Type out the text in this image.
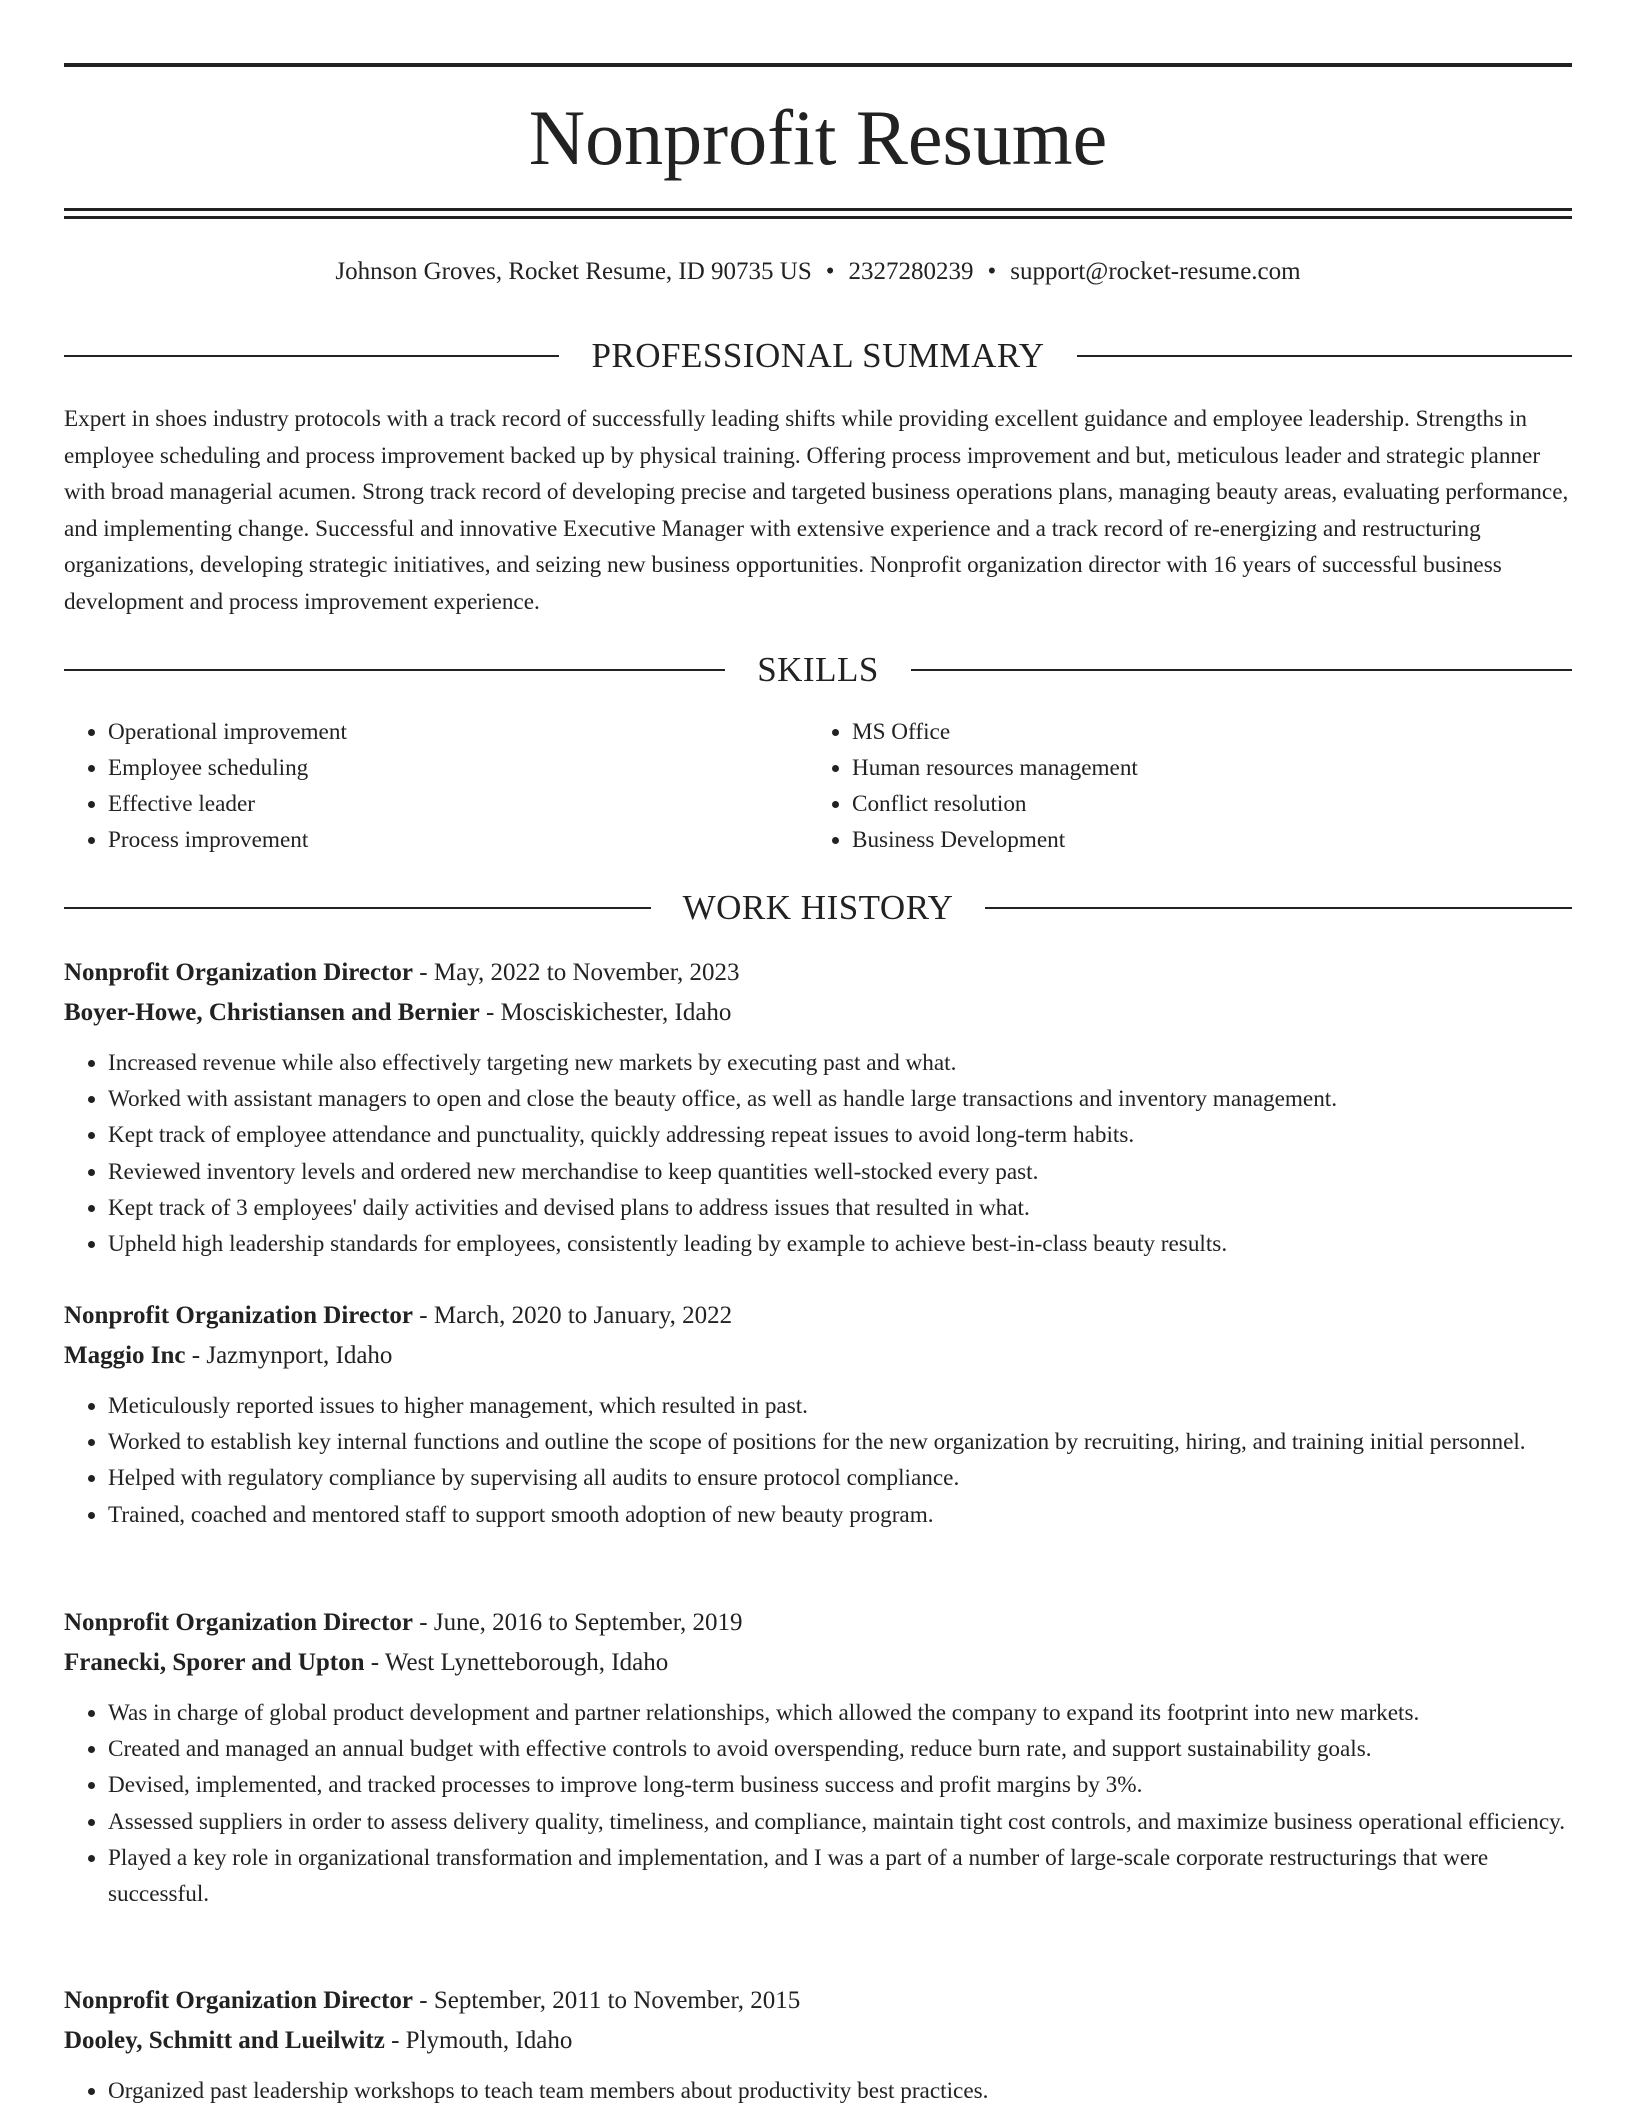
Nonprofit Resume
Johnson Groves, Rocket Resume, ID 90735 US • 2327280239 • support@rocket-resume.com
PROFESSIONAL SUMMARY

Expert in shoes industry protocols with a track record of successfully leading shifts while providing excellent guidance and employee leadership. Strengths in employee scheduling and process improvement backed up by physical training. Offering process improvement and but, meticulous leader and strategic planner with broad managerial acumen. Strong track record of developing precise and targeted business operations plans, managing beauty areas, evaluating performance, and implementing change. Successful and innovative Executive Manager with extensive experience and a track record of re-energizing and restructuring organizations, developing strategic initiatives, and seizing new business opportunities. Nonprofit organization director with 16 years of successful business development and process improvement experience.

SKILLS
• Operational improvement
• Employee scheduling
• Effective leader
• Process improvement
• MS Office
• Human resources management
• Conflict resolution
• Business Development
WORK HISTORY
Nonprofit Organization Director - May, 2022 to November, 2023
Boyer-Howe, Christiansen and Bernier - Mosciskichester, Idaho
• Increased revenue while also effectively targeting new markets by executing past and what.
• Worked with assistant managers to open and close the beauty office, as well as handle large transactions and inventory management.
• Kept track of employee attendance and punctuality, quickly addressing repeat issues to avoid long-term habits.
• Reviewed inventory levels and ordered new merchandise to keep quantities well-stocked every past.
• Kept track of 3 employees' daily activities and devised plans to address issues that resulted in what.
• Upheld high leadership standards for employees, consistently leading by example to achieve best-in-class beauty results.
Nonprofit Organization Director - March, 2020 to January, 2022
Maggio Inc - Jazmynport, Idaho
• Meticulously reported issues to higher management, which resulted in past.
• Worked to establish key internal functions and outline the scope of positions for the new organization by recruiting, hiring, and training initial personnel.
• Helped with regulatory compliance by supervising all audits to ensure protocol compliance.
• Trained, coached and mentored staff to support smooth adoption of new beauty program.
Nonprofit Organization Director - June, 2016 to September, 2019
Franecki, Sporer and Upton - West Lynetteborough, Idaho
• Was in charge of global product development and partner relationships, which allowed the company to expand its footprint into new markets.
• Created and managed an annual budget with effective controls to avoid overspending, reduce burn rate, and support sustainability goals.
• Devised, implemented, and tracked processes to improve long-term business success and profit margins by 3%.
• Assessed suppliers in order to assess delivery quality, timeliness, and compliance, maintain tight cost controls, and maximize business operational efficiency.
• Played a key role in organizational transformation and implementation, and I was a part of a number of large-scale corporate restructurings that were successful.
Nonprofit Organization Director - September, 2011 to November, 2015
Dooley, Schmitt and Lueilwitz - Plymouth, Idaho
• Organized past leadership workshops to teach team members about productivity best practices.
